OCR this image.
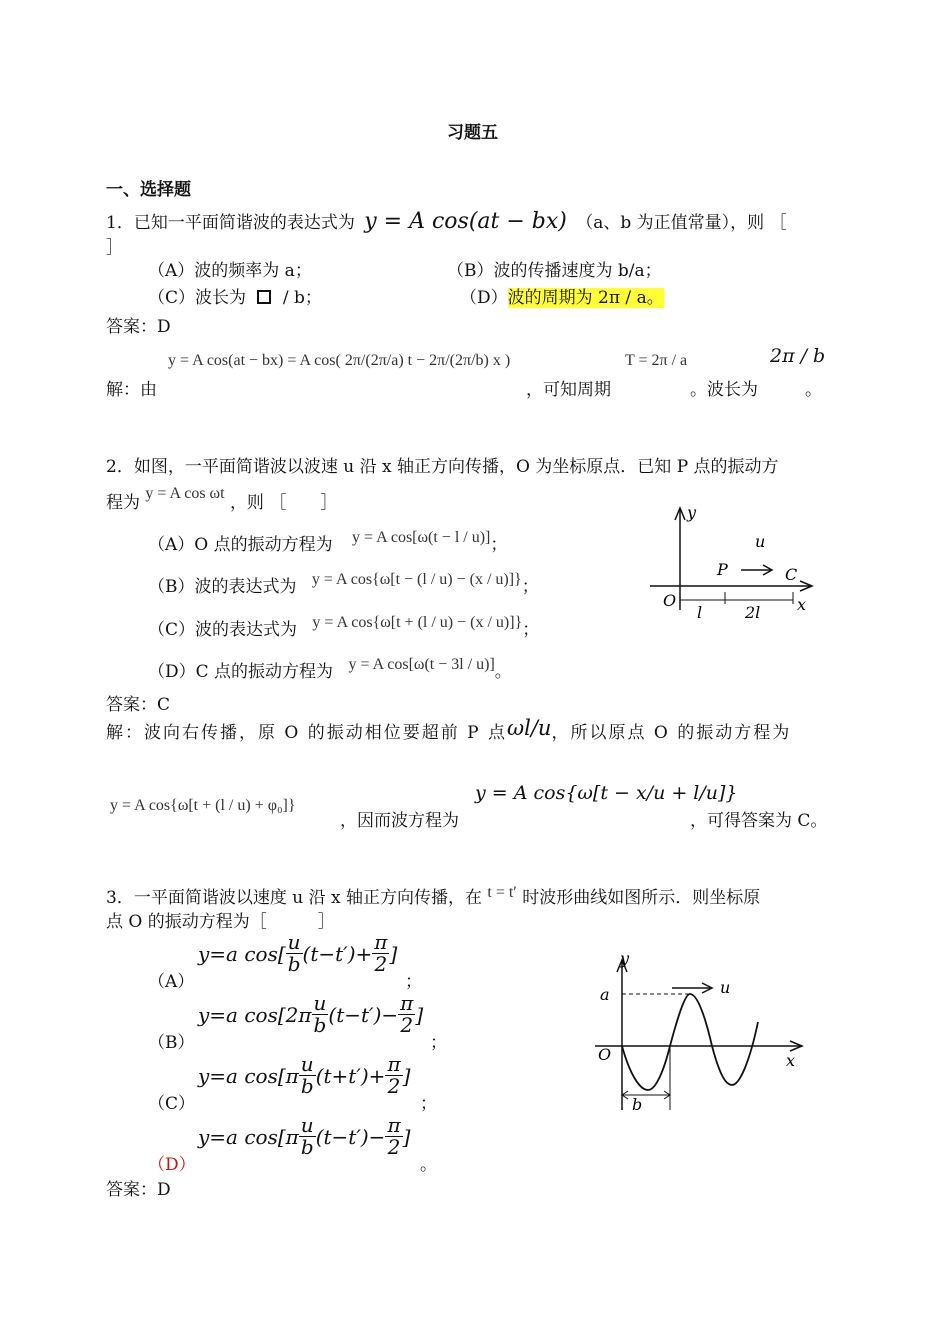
习题五
一、选择题
1．已知一平面简谐波的表达式为 y = A cos(at − bx) （a、b 为正值常量），则 ［
］
（A）波的频率为 a；	（B）波的传播速度为 b/a；
（C）波长为 / b；	（D）波的周期为 2π / a。
答案：D
解：由
y = A cos(at − bx) = A cos( 2π/(2π/a) t − 2π/(2π/b) x )
，可知周期
T = 2π / a
。波长为
2π / b
。
2．如图，一平面简谐波以波速 u 沿 x 轴正方向传播，O 为坐标原点．已知 P 点的振动方
程为 y = A cos ωt ，则 ［　　］
（A）O 点的振动方程为 y = A cos[ω(t − l / u)]；
（B）波的表达式为 y = A cos{ω[t − (l / u) − (x / u)]}；
（C）波的表达式为 y = A cos{ω[t + (l / u) − (x / u)]}；
（D）C 点的振动方程为 y = A cos[ω(t − 3l / u)]。
y
x
u
P	C
O
l	2l
答案：C
解：波向右传播，原 O 的振动相位要超前 P 点ωl/u，所以原点 O 的振动方程为
y = A cos{ω[t + (l / u) + φ₀]}
，因而波方程为
y = A cos{ω[t − x/u + l/u]}
，可得答案为 C。
3．一平面简谐波以速度 u 沿 x 轴正方向传播，在 t = t′ 时波形曲线如图所示．则坐标原
点 O 的振动方程为［　　　］
（A）
y=a $\cos[ \frac{u}{b} (t-t')+ \frac{\pi}{2}$ ]
；
（B）
y=a $\cos[2\pi \frac{u}{b} (t-t')- \frac{\pi}{2}$ ]
；
（C）
y=a $\cos[\pi \frac{u}{b} (t+t')+ \frac{\pi}{2}$ ]
；
（D）
y=a $\cos[\pi \frac{u}{b} (t-t')- \frac{\pi}{2}$ ]
。
y
x
O
a	u
b
答案：D
